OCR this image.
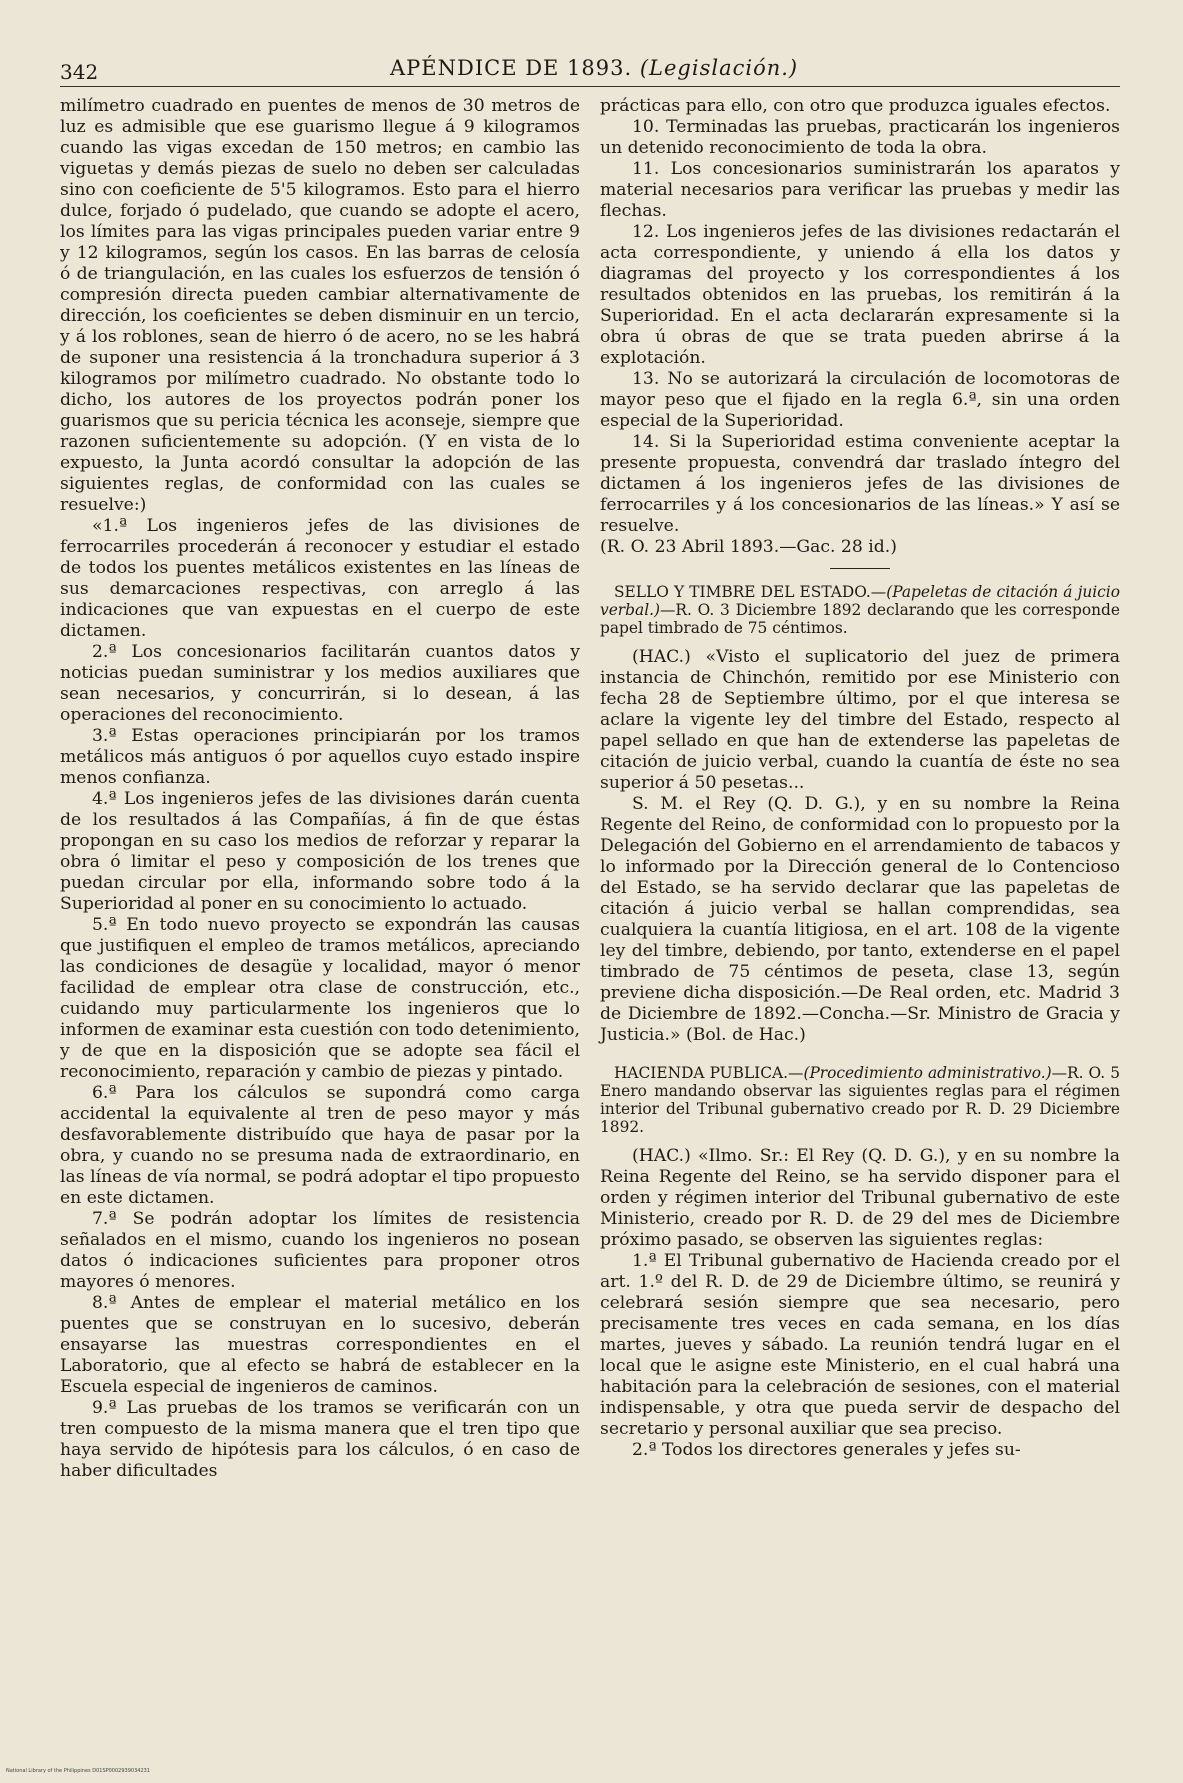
342	APÉNDICE DE 1893. (Legislación.)

milímetro cuadrado en puentes de menos de 30 metros de luz es admisible que ese guarismo llegue á 9 kilogramos cuando las vigas excedan de 150 metros; en cambio las viguetas y demás piezas de suelo no deben ser calculadas sino con coeficiente de 5'5 kilogramos. Esto para el hierro dulce, forjado ó pudelado, que cuando se adopte el acero, los límites para las vigas principales pueden variar entre 9 y 12 kilogramos, según los casos. En las barras de celosía ó de triangulación, en las cuales los esfuerzos de tensión ó compresión directa pueden cambiar alternativamente de dirección, los coeficientes se deben disminuir en un tercio, y á los roblones, sean de hierro ó de acero, no se les habrá de suponer una resistencia á la tronchadura superior á 3 kilogramos por milímetro cuadrado. No obstante todo lo dicho, los autores de los proyectos podrán poner los guarismos que su pericia técnica les aconseje, siempre que razonen suficientemente su adopción. (Y en vista de lo expuesto, la Junta acordó consultar la adopción de las siguientes reglas, de conformidad con las cuales se resuelve:)

«1.ª Los ingenieros jefes de las divisiones de ferrocarriles procederán á reconocer y estudiar el estado de todos los puentes metálicos existentes en las líneas de sus demarcaciones respectivas, con arreglo á las indicaciones que van expuestas en el cuerpo de este dictamen.

2.ª Los concesionarios facilitarán cuantos datos y noticias puedan suministrar y los medios auxiliares que sean necesarios, y concurrirán, si lo desean, á las operaciones del reconocimiento.

3.ª Estas operaciones principiarán por los tramos metálicos más antiguos ó por aquellos cuyo estado inspire menos confianza.

4.ª Los ingenieros jefes de las divisiones darán cuenta de los resultados á las Compañías, á fin de que éstas propongan en su caso los medios de reforzar y reparar la obra ó limitar el peso y composición de los trenes que puedan circular por ella, informando sobre todo á la Superioridad al poner en su conocimiento lo actuado.

5.ª En todo nuevo proyecto se expondrán las causas que justifiquen el empleo de tramos metálicos, apreciando las condiciones de desagüe y localidad, mayor ó menor facilidad de emplear otra clase de construcción, etc., cuidando muy particularmente los ingenieros que lo informen de examinar esta cuestión con todo detenimiento, y de que en la disposición que se adopte sea fácil el reconocimiento, reparación y cambio de piezas y pintado.

6.ª Para los cálculos se supondrá como carga accidental la equivalente al tren de peso mayor y más desfavorablemente distribuído que haya de pasar por la obra, y cuando no se presuma nada de extraordinario, en las líneas de vía normal, se podrá adoptar el tipo propuesto en este dictamen.

7.ª Se podrán adoptar los límites de resistencia señalados en el mismo, cuando los ingenieros no posean datos ó indicaciones suficientes para proponer otros mayores ó menores.

8.ª Antes de emplear el material metálico en los puentes que se construyan en lo sucesivo, deberán ensayarse las muestras correspondientes en el Laboratorio, que al efecto se habrá de establecer en la Escuela especial de ingenieros de caminos.

9.ª Las pruebas de los tramos se verificarán con un tren compuesto de la misma manera que el tren tipo que haya servido de hipótesis para los cálculos, ó en caso de haber dificultades

prácticas para ello, con otro que produzca iguales efectos.

10. Terminadas las pruebas, practicarán los ingenieros un detenido reconocimiento de toda la obra.

11. Los concesionarios suministrarán los aparatos y material necesarios para verificar las pruebas y medir las flechas.

12. Los ingenieros jefes de las divisiones redactarán el acta correspondiente, y uniendo á ella los datos y diagramas del proyecto y los correspondientes á los resultados obtenidos en las pruebas, los remitirán á la Superioridad. En el acta declararán expresamente si la obra ú obras de que se trata pueden abrirse á la explotación.

13. No se autorizará la circulación de locomotoras de mayor peso que el fijado en la regla 6.ª, sin una orden especial de la Superioridad.

14. Si la Superioridad estima conveniente aceptar la presente propuesta, convendrá dar traslado íntegro del dictamen á los ingenieros jefes de las divisiones de ferrocarriles y á los concesionarios de las líneas.» Y así se resuelve.

(R. O. 23 Abril 1893.—Gac. 28 id.)

SELLO Y TIMBRE DEL ESTADO.—(Papeletas de citación á juicio verbal.)—R. O. 3 Diciembre 1892 declarando que les corresponde papel timbrado de 75 céntimos.

(HAC.) «Visto el suplicatorio del juez de primera instancia de Chinchón, remitido por ese Ministerio con fecha 28 de Septiembre último, por el que interesa se aclare la vigente ley del timbre del Estado, respecto al papel sellado en que han de extenderse las papeletas de citación de juicio verbal, cuando la cuantía de éste no sea superior á 50 pesetas...

S. M. el Rey (Q. D. G.), y en su nombre la Reina Regente del Reino, de conformidad con lo propuesto por la Delegación del Gobierno en el arrendamiento de tabacos y lo informado por la Dirección general de lo Contencioso del Estado, se ha servido declarar que las papeletas de citación á juicio verbal se hallan comprendidas, sea cualquiera la cuantía litigiosa, en el art. 108 de la vigente ley del timbre, debiendo, por tanto, extenderse en el papel timbrado de 75 céntimos de peseta, clase 13, según previene dicha disposición.—De Real orden, etc. Madrid 3 de Diciembre de 1892.—Concha.—Sr. Ministro de Gracia y Justicia.» (Bol. de Hac.)

HACIENDA PUBLICA.—(Procedimiento administrativo.)—R. O. 5 Enero mandando observar las siguientes reglas para el régimen interior del Tribunal gubernativo creado por R. D. 29 Diciembre 1892.

(HAC.) «Ilmo. Sr.: El Rey (Q. D. G.), y en su nombre la Reina Regente del Reino, se ha servido disponer para el orden y régimen interior del Tribunal gubernativo de este Ministerio, creado por R. D. de 29 del mes de Diciembre próximo pasado, se observen las siguientes reglas:

1.ª El Tribunal gubernativo de Hacienda creado por el art. 1.º del R. D. de 29 de Diciembre último, se reunirá y celebrará sesión siempre que sea necesario, pero precisamente tres veces en cada semana, en los días martes, jueves y sábado. La reunión tendrá lugar en el local que le asigne este Ministerio, en el cual habrá una habitación para la celebración de sesiones, con el material indispensable, y otra que pueda servir de despacho del secretario y personal auxiliar que sea preciso.

2.ª Todos los directores generales y jefes su-

National Library of the Philippines D01SP0002939034231
